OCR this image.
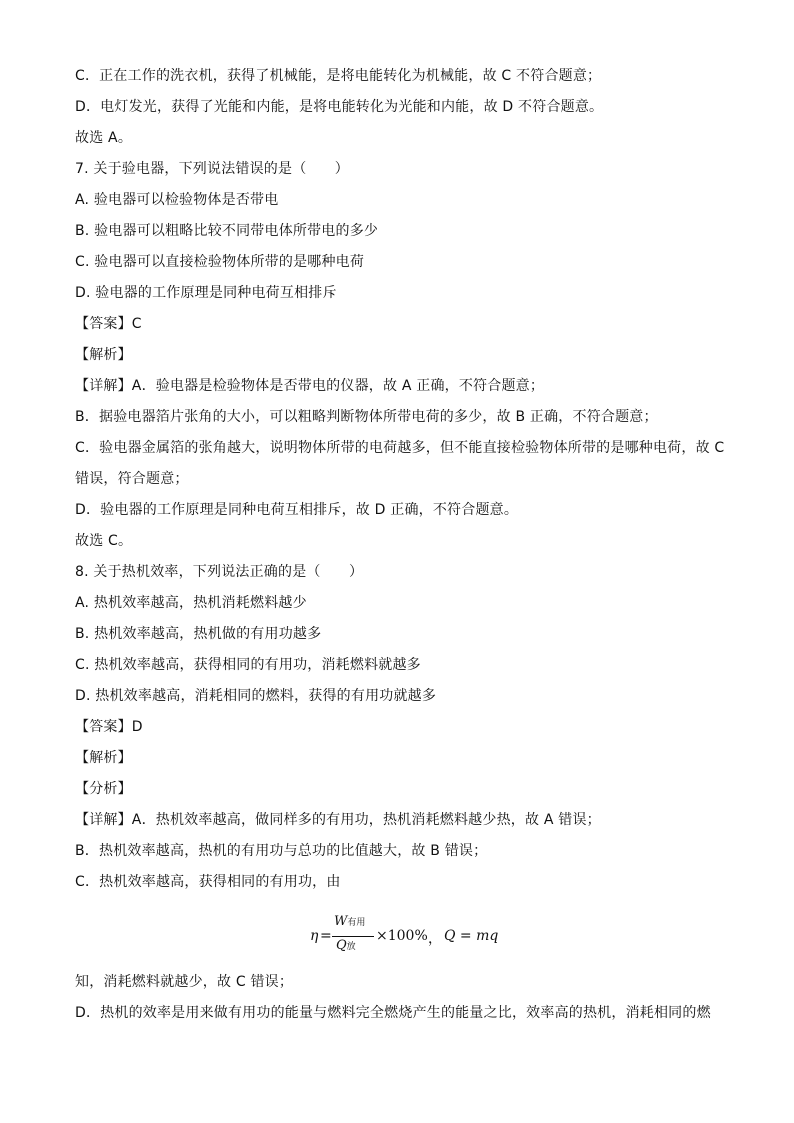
C．正在工作的洗衣机，获得了机械能，是将电能转化为机械能，故 C 不符合题意；
D．电灯发光，获得了光能和内能，是将电能转化为光能和内能，故 D 不符合题意。
故选 A。
7. 关于验电器，下列说法错误的是（　　）
A. 验电器可以检验物体是否带电
B. 验电器可以粗略比较不同带电体所带电的多少
C. 验电器可以直接检验物体所带的是哪种电荷
D. 验电器的工作原理是同种电荷互相排斥
【答案】C
【解析】
【详解】A．验电器是检验物体是否带电的仪器，故 A 正确，不符合题意；
B．据验电器箔片张角的大小，可以粗略判断物体所带电荷的多少，故 B 正确，不符合题意；
C．验电器金属箔的张角越大，说明物体所带的电荷越多，但不能直接检验物体所带的是哪种电荷，故 C
错误，符合题意；
D．验电器的工作原理是同种电荷互相排斥，故 D 正确，不符合题意。
故选 C。
8. 关于热机效率，下列说法正确的是（　　）
A. 热机效率越高，热机消耗燃料越少
B. 热机效率越高，热机做的有用功越多
C. 热机效率越高，获得相同的有用功，消耗燃料就越多
D. 热机效率越高，消耗相同的燃料，获得的有用功就越多
【答案】D
【解析】
【分析】
【详解】A．热机效率越高，做同样多的有用功，热机消耗燃料越少热，故 A 错误；
B．热机效率越高，热机的有用功与总功的比值越大，故 B 错误；
C．热机效率越高，获得相同的有用功，由
η =
W有用
Q放
×100% ， Q = mq
知，消耗燃料就越少，故 C 错误；
D．热机的效率是用来做有用功的能量与燃料完全燃烧产生的能量之比，效率高的热机，消耗相同的燃
